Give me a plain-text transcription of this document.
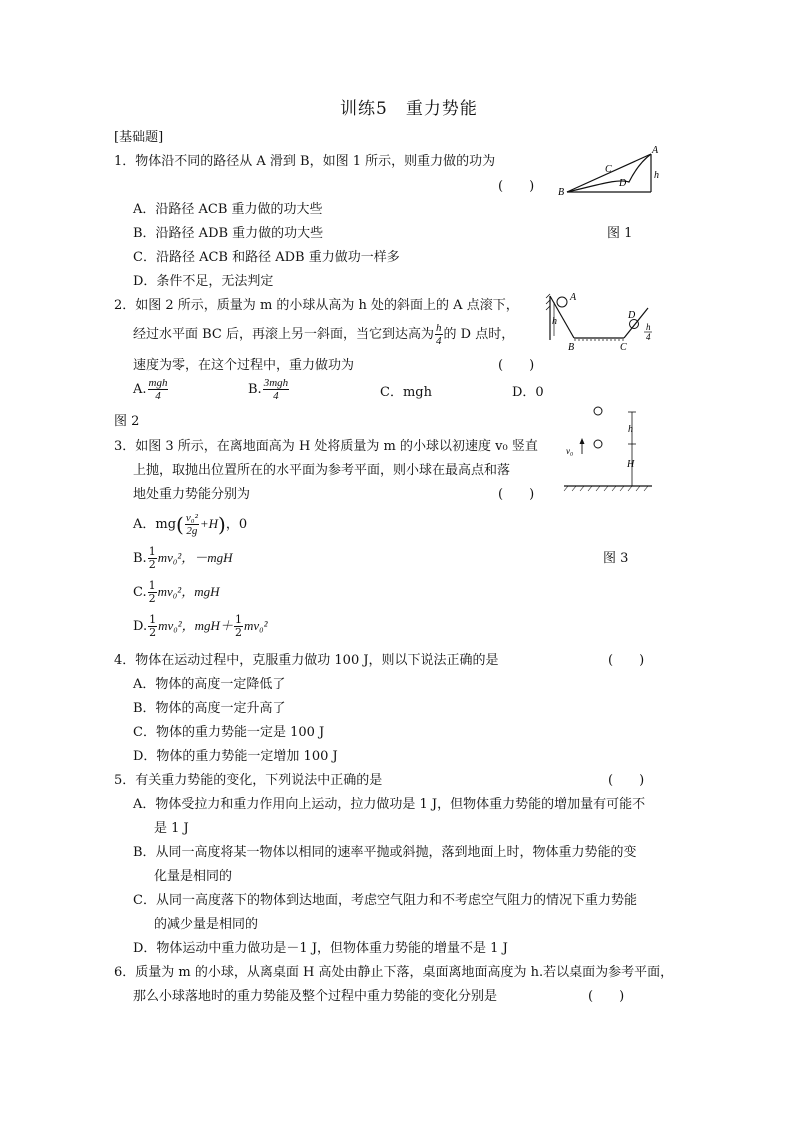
训练5　重力势能
[基础题]
1．物体沿不同的路径从 A 滑到 B，如图 1 所示，则重力做的功为
(　　)
A．沿路径 ACB 重力做的功大些
B．沿路径 ADB 重力做的功大些
C．沿路径 ACB 和路径 ADB 重力做功一样多
D．条件不足，无法判定
图 1
A
B
C
D
h
2．如图 2 所示，质量为 m 的小球从高为 h 处的斜面上的 A 点滚下，
经过水平面 BC 后，再滚上另一斜面，当它到达高为 $\frac{h}{4}$ 的 D 点时，
速度为零，在这个过程中，重力做功为	(　　)
A. $\frac{\text{mgh}}{4}$	B. $\frac{\text{3mgh}}{4}$	C．mgh	D．0
图 2
A
h
B	C
D
h
4
3．如图 3 所示，在离地面高为 H 处将质量为 m 的小球以初速度 v₀ 竖直
上抛，取抛出位置所在的水平面为参考平面，则小球在最高点和落
地处重力势能分别为	(　　)
A．$mg( \frac{\text{v₀²}}{2g} +H)$，0
B. $\frac{1}{2} mv_0^2$，－mgH
C. $\frac{1}{2} mv_0^2$，mgH
D. $\frac{1}{2} mv_0^2$，$mgH+ \frac{1}{2} mv_0^2$
图 3
v₀
h
H
4．物体在运动过程中，克服重力做功 100 J，则以下说法正确的是	(　　)
A．物体的高度一定降低了
B．物体的高度一定升高了
C．物体的重力势能一定是 100 J
D．物体的重力势能一定增加 100 J
5．有关重力势能的变化，下列说法中正确的是	(　　)
A．物体受拉力和重力作用向上运动，拉力做功是 1 J，但物体重力势能的增加量有可能不
是 1 J
B．从同一高度将某一物体以相同的速率平抛或斜抛，落到地面上时，物体重力势能的变
化量是相同的
C．从同一高度落下的物体到达地面，考虑空气阻力和不考虑空气阻力的情况下重力势能
的减少量是相同的
D．物体运动中重力做功是－1 J，但物体重力势能的增量不是 1 J
6．质量为 m 的小球，从离桌面 H 高处由静止下落，桌面离地面高度为 h.若以桌面为参考平面，
那么小球落地时的重力势能及整个过程中重力势能的变化分别是	(　　)
